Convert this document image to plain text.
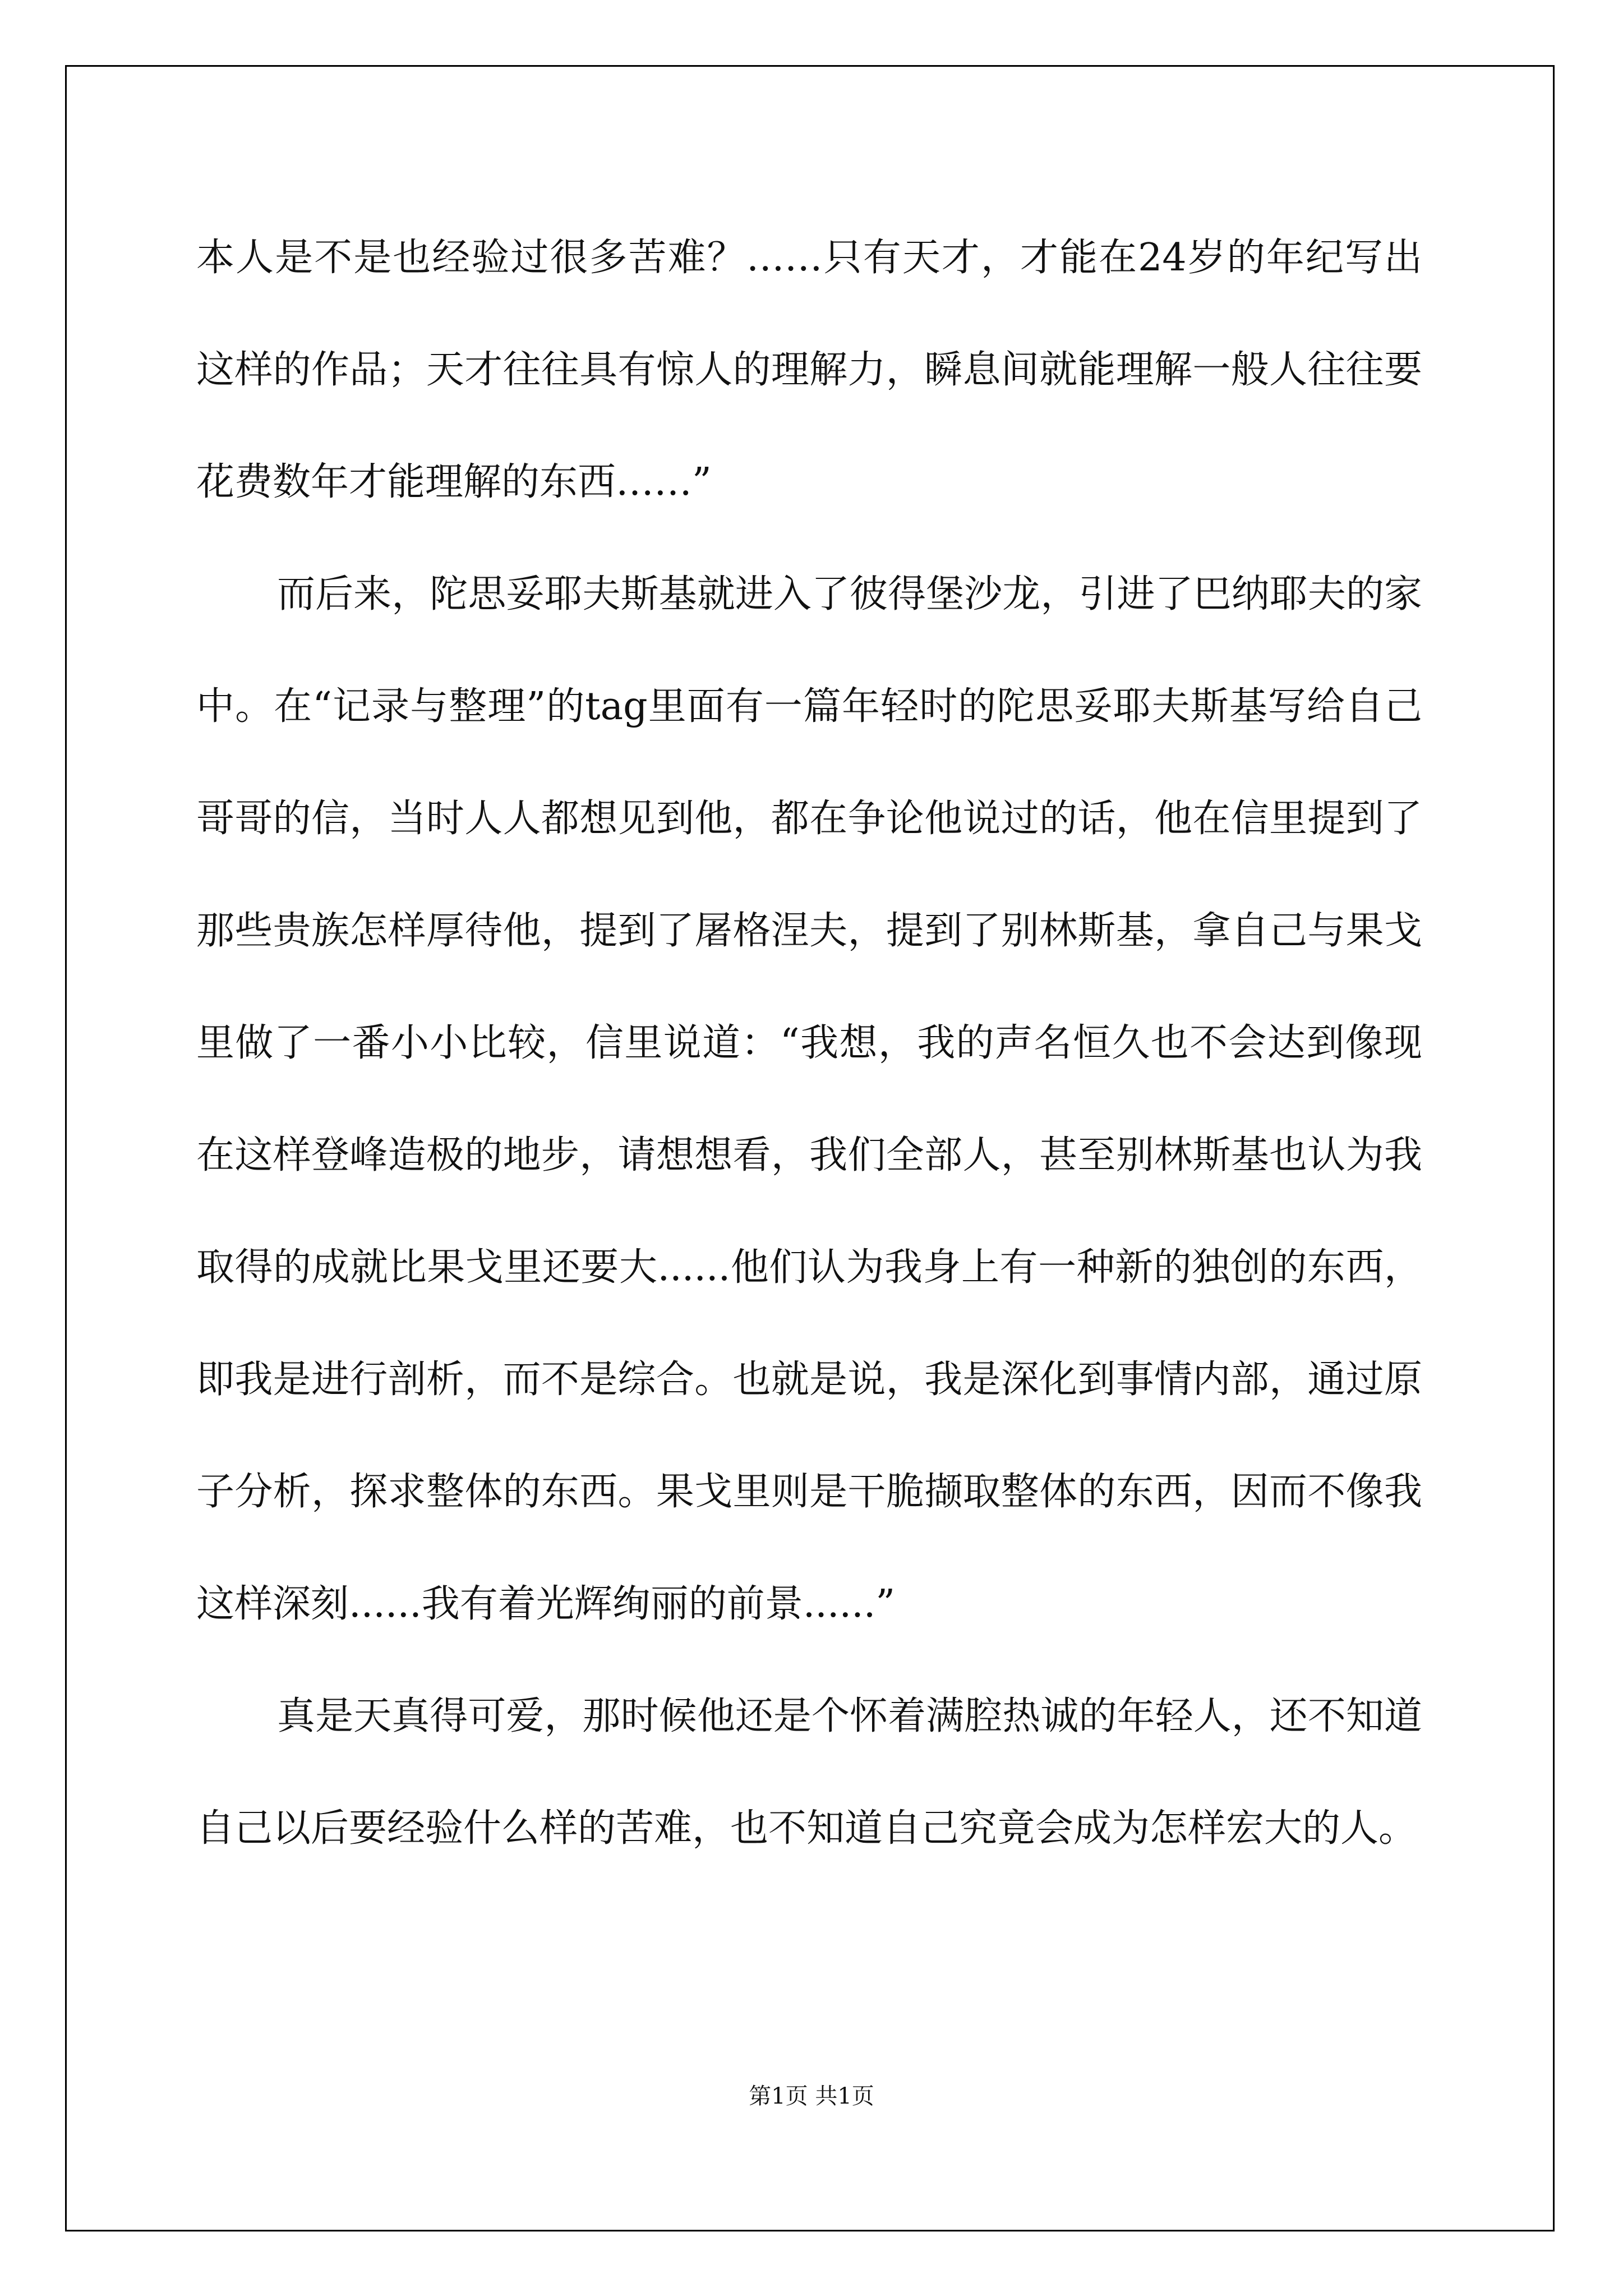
本人是不是也经验过很多苦难？……只有天才，才能在24岁的年纪写出这样的作品；天才往往具有惊人的理解力，瞬息间就能理解一般人往往要花费数年才能理解的东西……”

而后来，陀思妥耶夫斯基就进入了彼得堡沙龙，引进了巴纳耶夫的家中。在“记录与整理”的tag里面有一篇年轻时的陀思妥耶夫斯基写给自己哥哥的信，当时人人都想见到他，都在争论他说过的话，他在信里提到了那些贵族怎样厚待他，提到了屠格涅夫，提到了别林斯基，拿自己与果戈里做了一番小小比较，信里说道：“我想，我的声名恒久也不会达到像现在这样登峰造极的地步，请想想看，我们全部人，甚至别林斯基也认为我取得的成就比果戈里还要大......他们认为我身上有一种新的独创的东西，即我是进行剖析，而不是综合。也就是说，我是深化到事情内部，通过原子分析，探求整体的东西。果戈里则是干脆撷取整体的东西，因而不像我这样深刻......我有着光辉绚丽的前景......”

真是天真得可爱，那时候他还是个怀着满腔热诚的年轻人，还不知道自己以后要经验什么样的苦难，也不知道自己究竟会成为怎样宏大的人。

第1页 共1页
